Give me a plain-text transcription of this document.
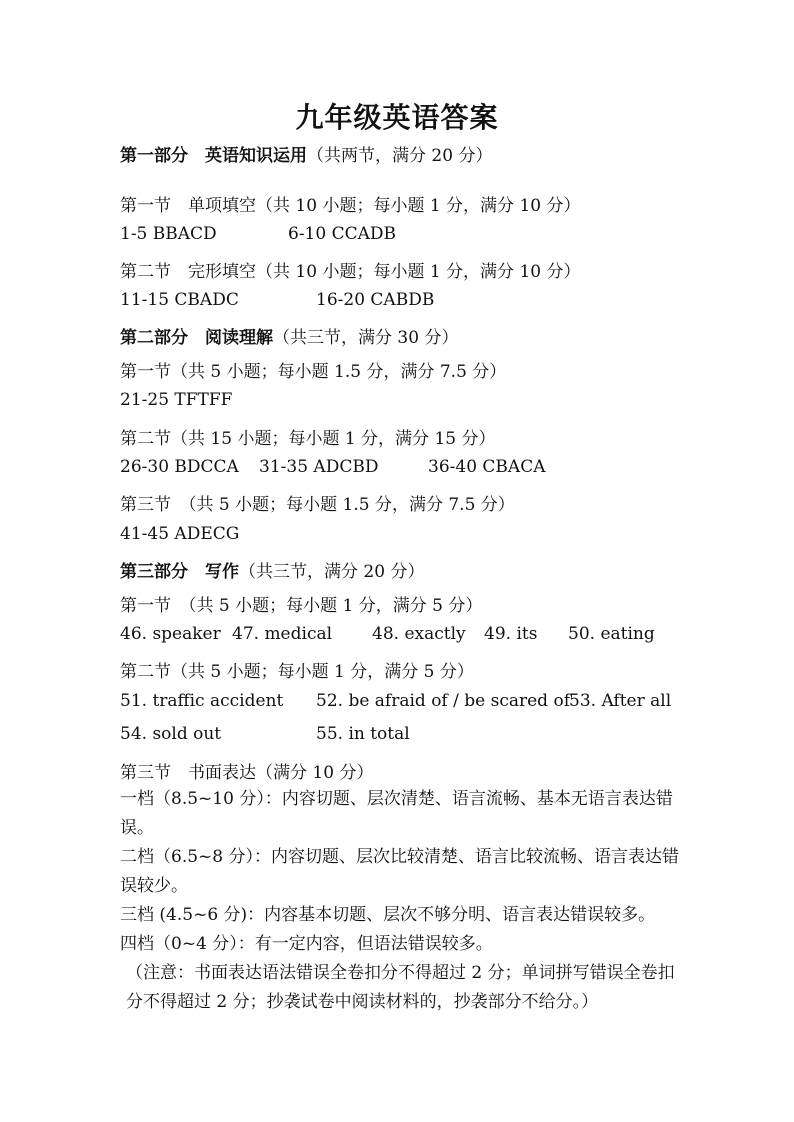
九年级英语答案
第一部分　英语知识运用（共两节，满分 20 分）
第一节　单项填空（共 10 小题；每小题 1 分，满分 10 分）
1-5 BBACD	6-10 CCADB
第二节　完形填空（共 10 小题；每小题 1 分，满分 10 分）
11-15 CBADC	16-20 CABDB
第二部分　阅读理解（共三节，满分 30 分）
第一节（共 5 小题；每小题 1.5 分，满分 7.5 分）
21-25 TFTFF
第二节（共 15 小题；每小题 1 分，满分 15 分）
26-30 BDCCA 31-35 ADCBD	36-40 CBACA
第三节　（共 5 小题；每小题 1.5 分，满分 7.5 分）
41-45 ADECG
第三部分　写作（共三节，满分 20 分）
第一节　（共 5 小题；每小题 1 分，满分 5 分）
46. speaker 47. medical 48. exactly 49. its 50. eating
第二节（共 5 小题；每小题 1 分，满分 5 分）
51. traffic accident 52. be afraid of / be scared of 53. After all
54. sold out	55. in total
第三节　书面表达（满分 10 分）
一档（8.5~10 分）：内容切题、层次清楚、语言流畅、基本无语言表达错误。
二档（6.5~8 分）：内容切题、层次比较清楚、语言比较流畅、语言表达错误较少。
三档 (4.5~6 分)：内容基本切题、层次不够分明、语言表达错误较多。
四档（0~4 分）：有一定内容，但语法错误较多。
（注意：书面表达语法错误全卷扣分不得超过 2 分；单词拼写错误全卷扣分不得超过 2 分；抄袭试卷中阅读材料的，抄袭部分不给分。）
